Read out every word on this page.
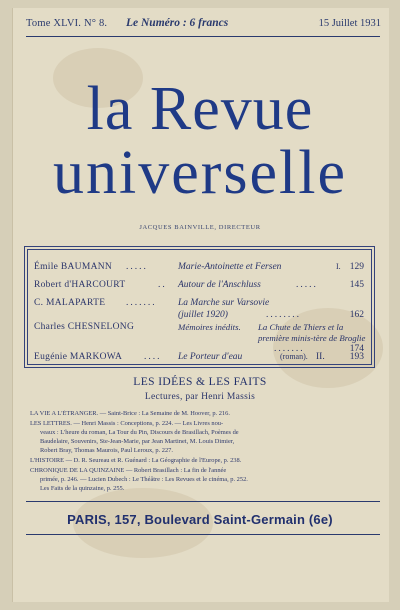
Tome XLVI. N° 8. Le Numéro : 6 francs	15 Juillet 1931
la Revue
universelle
JACQUES BAINVILLE, DIRECTEUR
Émile BAUMANN .....	Marie-Antoinette et Fersen	I. 129
Robert d'HARCOURT	.. Autour de l'Anschluss	.....	145
C. MALAPARTE ....... La Marche sur Varsovie
(juillet 1920)	........	162
Charles CHESNELONG	Mémoires inédits. La Chute de Thiers et la première minis-tère de Broglie
.......	174
Eugénie MARKOWA .... Le Porteur d'eau	(roman). II.	193
LES IDÉES & LES FAITS
Lectures, par Henri Massis
LA VIE A L'ÉTRANGER. — Saint-Brice : La Semaine de M. Hoover, p. 216.
LES LETTRES. — Henri Massis : Conceptions, p. 224. — Les Livres nou-
veaux : L'heure du roman, La Tour du Pin, Discours de Brasillach, Poèmes de
Baudelaire, Souvenirs, Ste-Jean-Marie, par Jean Martinet, M. Louis Dimier,
Robert Bray, Thomas Maurois, Paul Leroux, p. 227.
L'HISTOIRE — D. R. Seureau et R. Guénard : La Géographie de l'Europe, p. 238.
CHRONIQUE DE LA QUINZAINE — Robert Brasillach : La fin de l'année
primée, p. 246. — Lucien Dubech : Le Théâtre : Les Revues et le cinéma, p. 252.
Les Faits de la quinzaine, p. 255.
PARIS, 157, Boulevard Saint-Germain (6e)
